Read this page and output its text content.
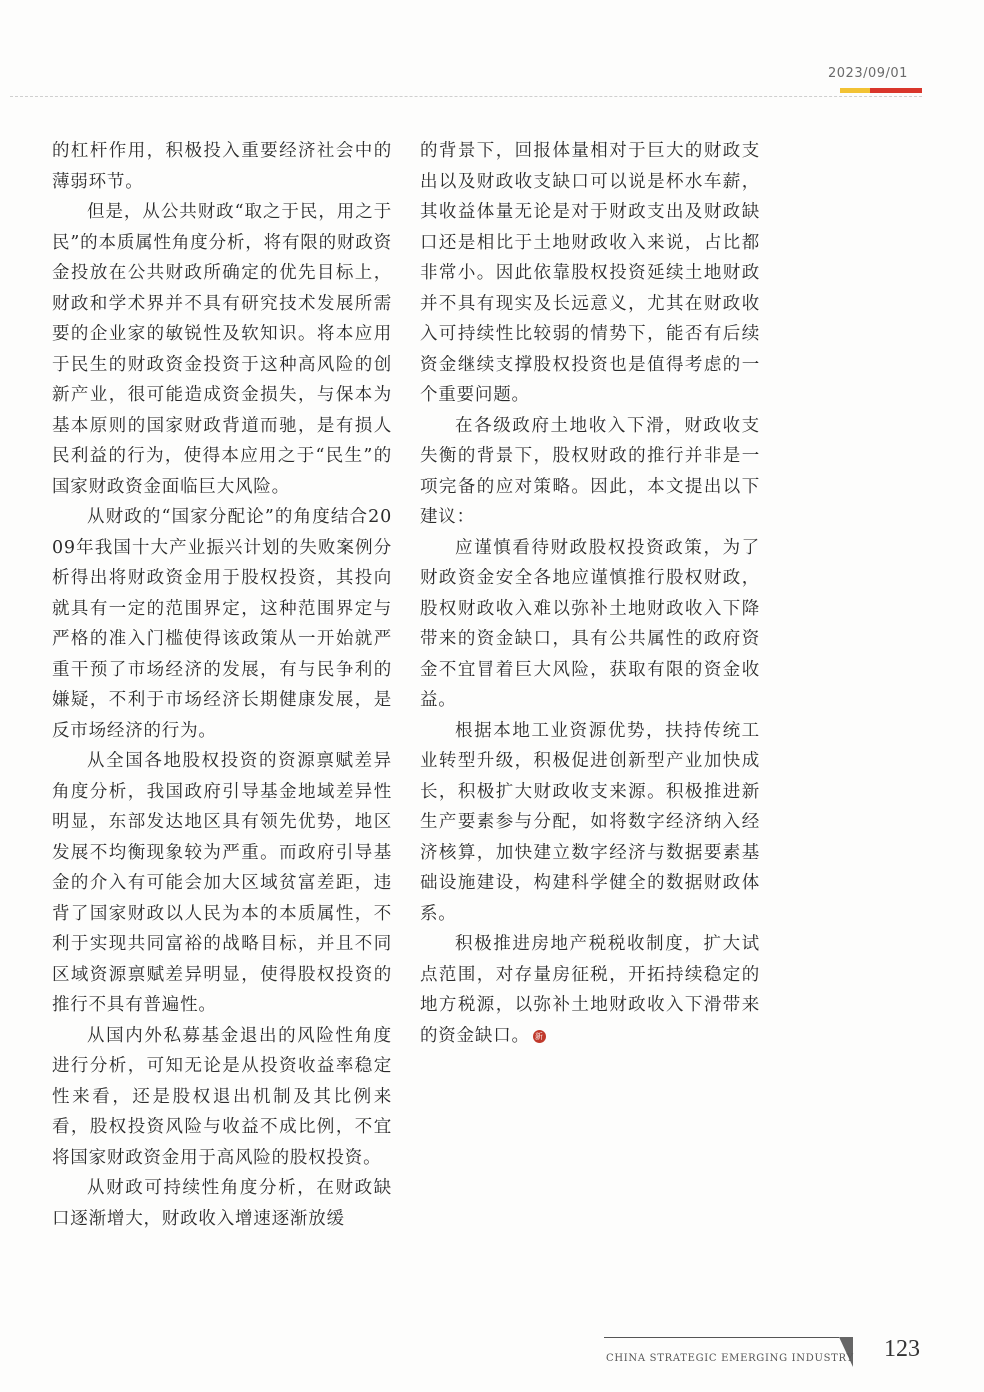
2023/09/01

的杠杆作用，积极投入重要经济社会中的薄弱环节。

但是，从公共财政“取之于民，用之于民”的本质属性角度分析，将有限的财政资金投放在公共财政所确定的优先目标上，财政和学术界并不具有研究技术发展所需要的企业家的敏锐性及软知识。将本应用于民生的财政资金投资于这种高风险的创新产业，很可能造成资金损失，与保本为基本原则的国家财政背道而驰，是有损人民利益的行为，使得本应用之于“民生”的国家财政资金面临巨大风险。

从财政的“国家分配论”的角度结合2009年我国十大产业振兴计划的失败案例分析得出将财政资金用于股权投资，其投向就具有一定的范围界定，这种范围界定与严格的准入门槛使得该政策从一开始就严重干预了市场经济的发展，有与民争利的嫌疑，不利于市场经济长期健康发展，是反市场经济的行为。

从全国各地股权投资的资源禀赋差异角度分析，我国政府引导基金地域差异性明显，东部发达地区具有领先优势，地区发展不均衡现象较为严重。而政府引导基金的介入有可能会加大区域贫富差距，违背了国家财政以人民为本的本质属性，不利于实现共同富裕的战略目标，并且不同区域资源禀赋差异明显，使得股权投资的推行不具有普遍性。

从国内外私募基金退出的风险性角度进行分析，可知无论是从投资收益率稳定性来看，还是股权退出机制及其比例来看，股权投资风险与收益不成比例，不宜将国家财政资金用于高风险的股权投资。

从财政可持续性角度分析，在财政缺口逐渐增大，财政收入增速逐渐放缓

的背景下，回报体量相对于巨大的财政支出以及财政收支缺口可以说是杯水车薪，其收益体量无论是对于财政支出及财政缺口还是相比于土地财政收入来说，占比都非常小。因此依靠股权投资延续土地财政并不具有现实及长远意义，尤其在财政收入可持续性比较弱的情势下，能否有后续资金继续支撑股权投资也是值得考虑的一个重要问题。

在各级政府土地收入下滑，财政收支失衡的背景下，股权财政的推行并非是一项完备的应对策略。因此，本文提出以下建议：

应谨慎看待财政股权投资政策，为了财政资金安全各地应谨慎推行股权财政，股权财政收入难以弥补土地财政收入下降带来的资金缺口，具有公共属性的政府资金不宜冒着巨大风险，获取有限的资金收益。

根据本地工业资源优势，扶持传统工业转型升级，积极促进创新型产业加快成长，积极扩大财政收支来源。积极推进新生产要素参与分配，如将数字经济纳入经济核算，加快建立数字经济与数据要素基础设施建设，构建科学健全的数据财政体系。

积极推进房地产税税收制度，扩大试点范围，对存量房征税，开拓持续稳定的地方税源，以弥补土地财政收入下滑带来的资金缺口。 新

CHINA STRATEGIC EMERGING INDUSTRY 123
